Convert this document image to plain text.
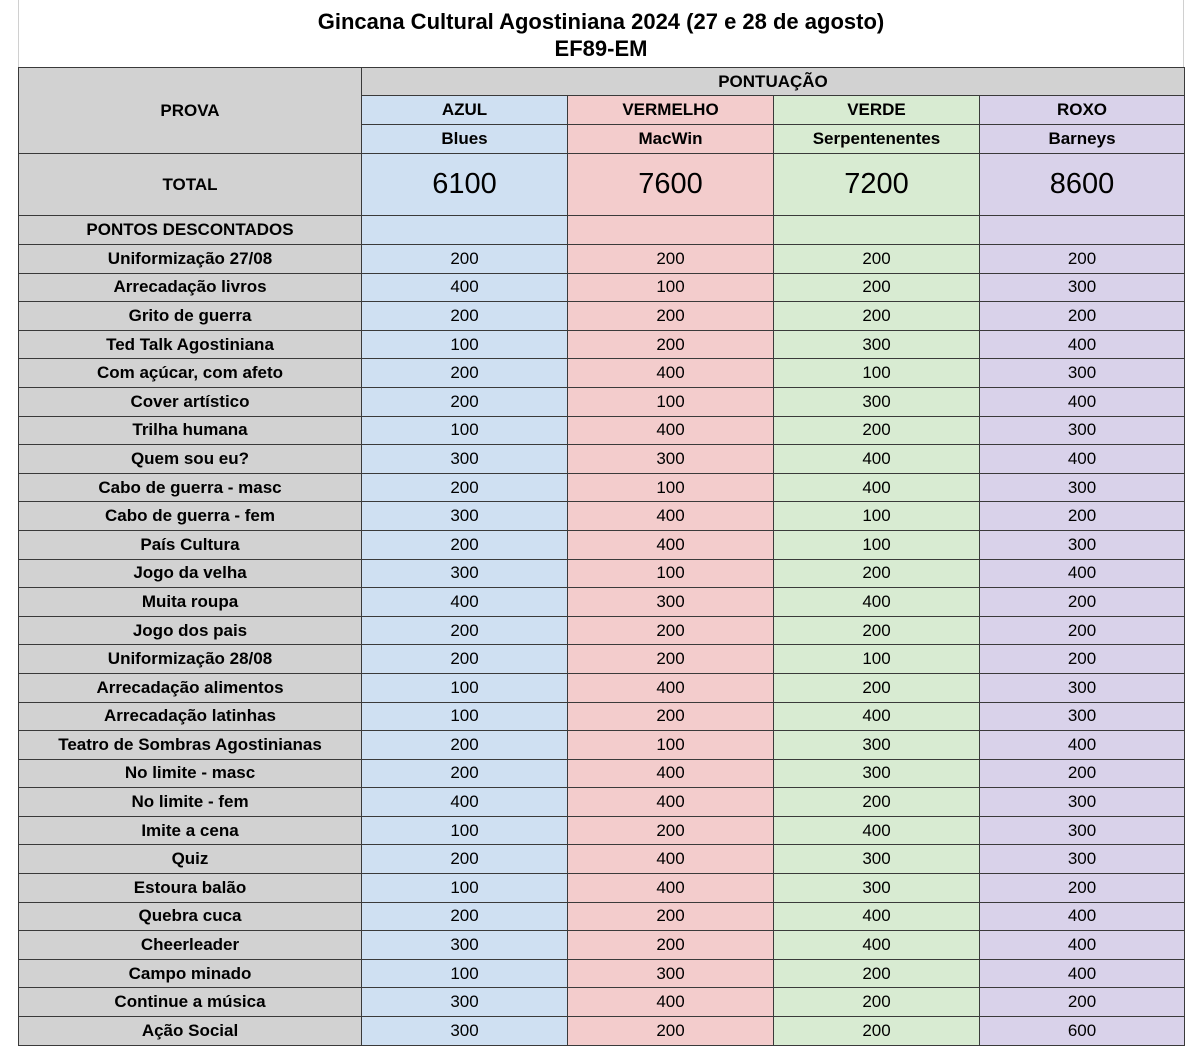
Gincana Cultural Agostiniana 2024 (27 e 28 de agosto)
EF89-EM
PROVA	PONTUAÇÃO			
	AZUL	VERMELHO	VERDE	ROXO
	Blues	MacWin	Serpentenentes	Barneys
TOTAL	6100	7600	7200	8600
PONTOS DESCONTADOS				
Uniformização 27/08	200	200	200	200
Arrecadação livros	400	100	200	300
Grito de guerra	200	200	200	200
Ted Talk Agostiniana	100	200	300	400
Com açúcar, com afeto	200	400	100	300
Cover artístico	200	100	300	400
Trilha humana	100	400	200	300
Quem sou eu?	300	300	400	400
Cabo de guerra - masc	200	100	400	300
Cabo de guerra - fem	300	400	100	200
País Cultura	200	400	100	300
Jogo da velha	300	100	200	400
Muita roupa	400	300	400	200
Jogo dos pais	200	200	200	200
Uniformização 28/08	200	200	100	200
Arrecadação alimentos	100	400	200	300
Arrecadação latinhas	100	200	400	300
Teatro de Sombras Agostinianas	200	100	300	400
No limite - masc	200	400	300	200
No limite - fem	400	400	200	300
Imite a cena	100	200	400	300
Quiz	200	400	300	300
Estoura balão	100	400	300	200
Quebra cuca	200	200	400	400
Cheerleader	300	200	400	400
Campo minado	100	300	200	400
Continue a música	300	400	200	200
Ação Social	300	200	200	600
